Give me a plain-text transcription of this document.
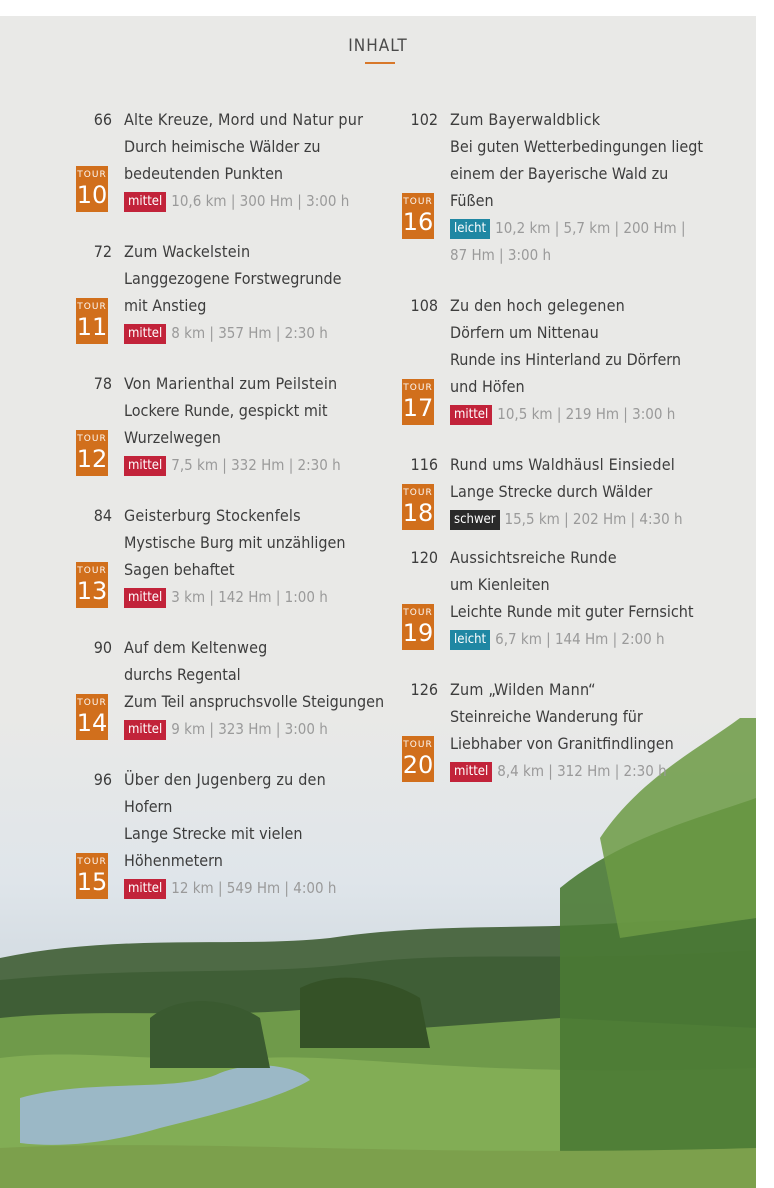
INHALT
Alte Kreuze, Mord und Natur pur
Durch heimische Wälder zu
bedeutenden Punkten
mittel 10,6 km | 300 Hm | 3:00 h
66
TOUR
10
Zum Wackelstein
Langgezogene Forstwegrunde
mit Anstieg
mittel 8 km | 357 Hm | 2:30 h
72
TOUR
11
Von Marienthal zum Peilstein
Lockere Runde, gespickt mit
Wurzelwegen
mittel 7,5 km | 332 Hm | 2:30 h
78
TOUR
12
Geisterburg Stockenfels
Mystische Burg mit unzähligen
Sagen behaftet
mittel 3 km | 142 Hm | 1:00 h
84
TOUR
13
Auf dem Keltenweg
durchs Regental
Zum Teil anspruchsvolle Steigungen
mittel 9 km | 323 Hm | 3:00 h
90
TOUR
14
Über den Jugenberg zu den
Hofern
Lange Strecke mit vielen
Höhenmetern
mittel 12 km | 549 Hm | 4:00 h
96
TOUR
15
Zum Bayerwaldblick
Bei guten Wetterbedingungen liegt
einem der Bayerische Wald zu
Füßen
leicht 10,2 km | 5,7 km | 200 Hm |
87 Hm | 3:00 h
102
TOUR
16
Zu den hoch gelegenen
Dörfern um Nittenau
Runde ins Hinterland zu Dörfern
und Höfen
mittel 10,5 km | 219 Hm | 3:00 h
108
TOUR
17
Rund ums Waldhäusl Einsiedel
Lange Strecke durch Wälder
schwer 15,5 km | 202 Hm | 4:30 h
116
TOUR
18
Aussichtsreiche Runde
um Kienleiten
Leichte Runde mit guter Fernsicht
leicht 6,7 km | 144 Hm | 2:00 h
120
TOUR
19
Zum „Wilden Mann“
Steinreiche Wanderung für
Liebhaber von Granitfindlingen
mittel 8,4 km | 312 Hm | 2:30 h
126
TOUR
20
